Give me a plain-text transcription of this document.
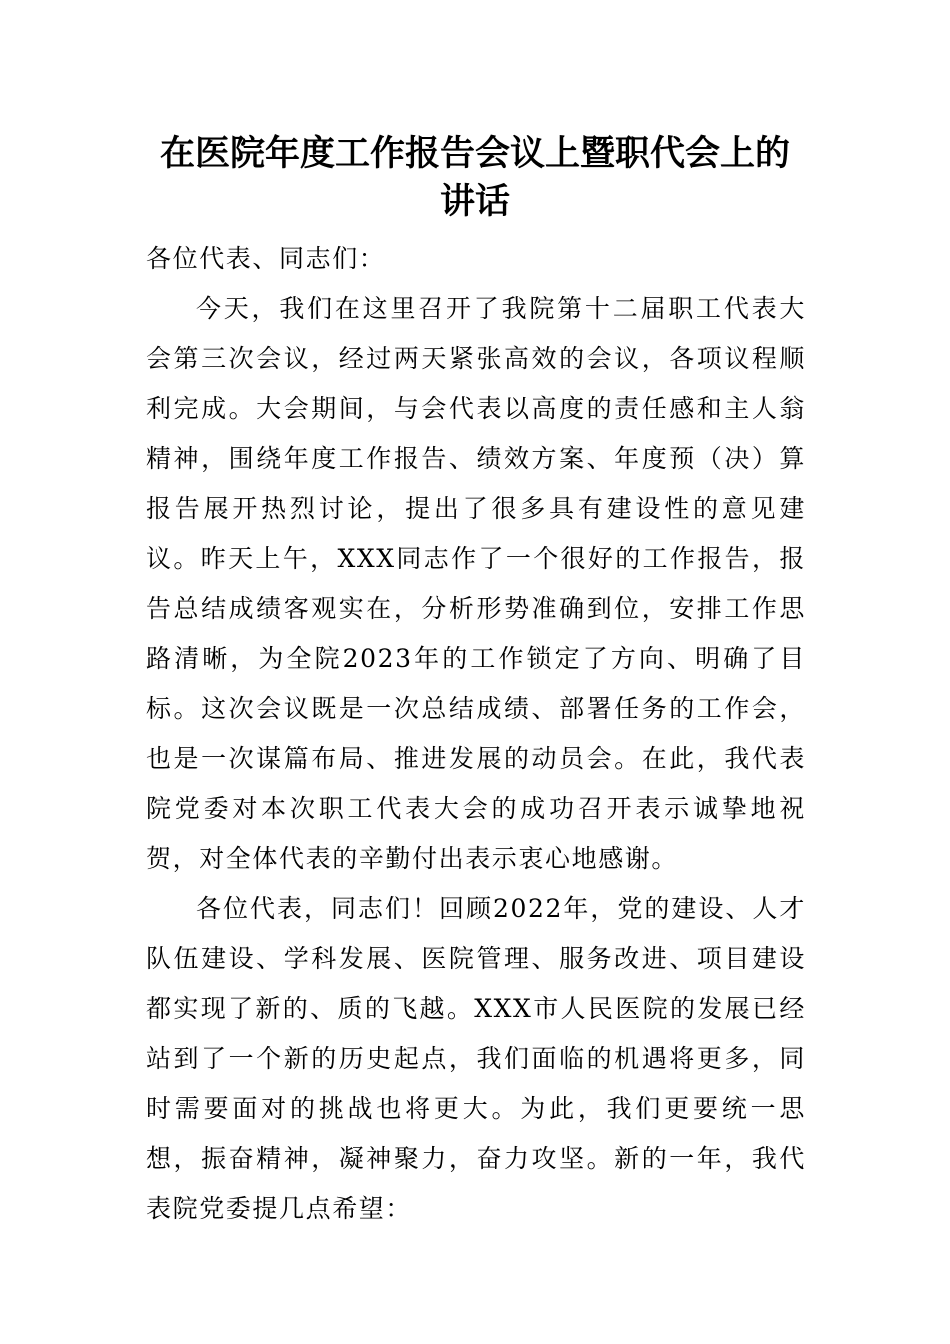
在医院年度工作报告会议上暨职代会上的讲话

各位代表、同志们：

今天，我们在这里召开了我院第十二届职工代表大会第三次会议，经过两天紧张高效的会议，各项议程顺利完成。大会期间，与会代表以高度的责任感和主人翁精神，围绕年度工作报告、绩效方案、年度预（决）算报告展开热烈讨论，提出了很多具有建设性的意见建议。昨天上午，XXX同志作了一个很好的工作报告，报告总结成绩客观实在，分析形势准确到位，安排工作思路清晰，为全院2023年的工作锁定了方向、明确了目标。这次会议既是一次总结成绩、部署任务的工作会，也是一次谋篇布局、推进发展的动员会。在此，我代表院党委对本次职工代表大会的成功召开表示诚挚地祝贺，对全体代表的辛勤付出表示衷心地感谢。

各位代表，同志们！回顾2022年，党的建设、人才队伍建设、学科发展、医院管理、服务改进、项目建设都实现了新的、质的飞越。XXX市人民医院的发展已经站到了一个新的历史起点，我们面临的机遇将更多，同时需要面对的挑战也将更大。为此，我们更要统一思想，振奋精神，凝神聚力，奋力攻坚。新的一年，我代表院党委提几点希望：
